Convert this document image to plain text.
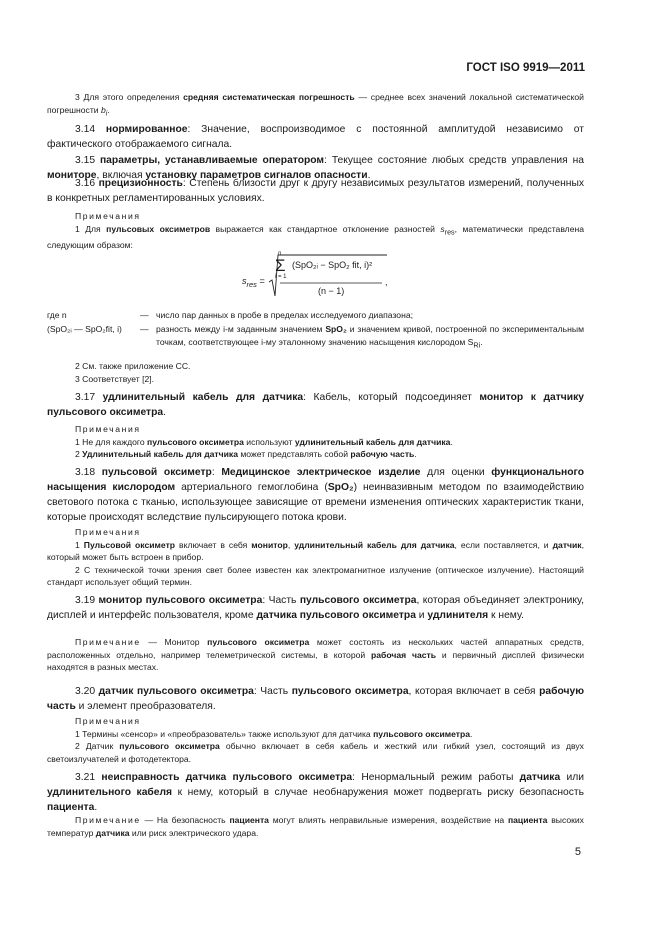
ГОСТ ISO 9919—2011

3 Для этого определения средняя систематическая погрешность — среднее всех значений локальной систематической погрешности $b_i$.

3.14 нормированное: Значение, воспроизводимое с постоянной амплитудой независимо от фактического отображаемого сигнала.

3.15 параметры, устанавливаемые оператором: Текущее состояние любых средств управления на мониторе, включая установку параметров сигналов опасности.

3.16 прецизионность: Степень близости друг к другу независимых результатов измерений, полученных в конкретных регламентированных условиях.

Примечания

1 Для пульсовых оксиметров выражается как стандартное отклонение разностей $s_{res}$, математически представлена следующим образом:

$s_{res}$ =
n
Σ
i = 1
(SpO₂ᵢ − SpO₂ fit, i)²
(n − 1)
,
где n	— число пар данных в пробе в пределах исследуемого диапазона;
(SpO₂ᵢ — SpO₂fit, i) — разность между i-м заданным значением SpO₂ и значением кривой, построенной по экспериментальным точкам, соответствующее i-му эталонному значению насыщения кислородом $S_{Ri}$.

2 См. также приложение СС.

3 Соответствует [2].

3.17 удлинительный кабель для датчика: Кабель, который подсоединяет монитор к датчику пульсового оксиметра.

Примечания

1 Не для каждого пульсового оксиметра используют удлинительный кабель для датчика.

2 Удлинительный кабель для датчика может представлять собой рабочую часть.

3.18 пульсовой оксиметр: Медицинское электрическое изделие для оценки функционального насыщения кислородом артериального гемоглобина (SpO₂) неинвазивным методом по взаимодействию светового потока с тканью, использующее зависящие от времени изменения оптических характеристик ткани, которые происходят вследствие пульсирующего потока крови.

Примечания

1 Пульсовой оксиметр включает в себя монитор, удлинительный кабель для датчика, если поставляется, и датчик, который может быть встроен в прибор.

2 С технической точки зрения свет более известен как электромагнитное излучение (оптическое излучение). Настоящий стандарт использует общий термин.

3.19 монитор пульсового оксиметра: Часть пульсового оксиметра, которая объединяет электронику, дисплей и интерфейс пользователя, кроме датчика пульсового оксиметра и удлинителя к нему.

Примечание — Монитор пульсового оксиметра может состоять из нескольких частей аппаратных средств, расположенных отдельно, например телеметрической системы, в которой рабочая часть и первичный дисплей физически находятся в разных местах.

3.20 датчик пульсового оксиметра: Часть пульсового оксиметра, которая включает в себя рабочую часть и элемент преобразователя.

Примечания

1 Термины «сенсор» и «преобразователь» также используют для датчика пульсового оксиметра.

2 Датчик пульсового оксиметра обычно включает в себя кабель и жесткий или гибкий узел, состоящий из двух светоизлучателей и фотодетектора.

3.21 неисправность датчика пульсового оксиметра: Ненормальный режим работы датчика или удлинительного кабеля к нему, который в случае необнаружения может подвергать риску безопасность пациента.

Примечание — На безопасность пациента могут влиять неправильные измерения, воздействие на пациента высоких температур датчика или риск электрического удара.

5
